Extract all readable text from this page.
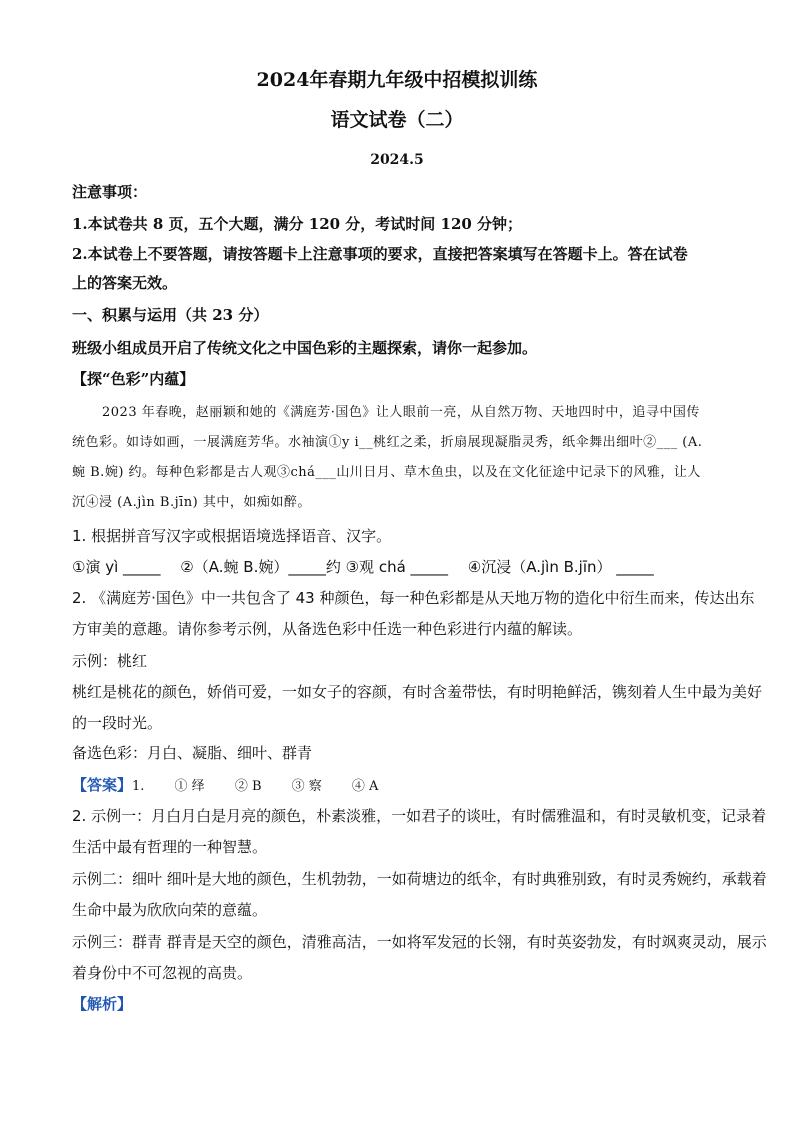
2024年春期九年级中招模拟训练
语文试卷（二）
2024.5
注意事项：
1.本试卷共 8 页，五个大题，满分 120 分，考试时间 120 分钟；
2.本试卷上不要答题，请按答题卡上注意事项的要求，直接把答案填写在答题卡上。答在试卷
上的答案无效。
一、积累与运用（共 23 分）
班级小组成员开启了传统文化之中国色彩的主题探索，请你一起参加。
【探“色彩”内蕴】
2023 年春晚，赵丽颖和她的《满庭芳·国色》让人眼前一亮，从自然万物、天地四时中，追寻中国传
统色彩。如诗如画，一展满庭芳华。水袖演①y i__桃红之柔，折扇展现凝脂灵秀，纸伞舞出细叶②___ (A.
蜿 B.婉) 约。每种色彩都是古人观③chá___山川日月、草木鱼虫，以及在文化征途中记录下的风雅，让人
沉④浸 (A.jìn B.jīn) 其中，如痴如醉。
1. 根据拼音写汉字或根据语境选择语音、汉字。
①演 yì _____ 　②（A.蜿 B.婉）_____约 ③观 chá _____ 　④沉浸（A.jìn B.jīn） _____
2. 《满庭芳·国色》中一共包含了 43 种颜色，每一种色彩都是从天地万物的造化中衍生而来，传达出东
方审美的意趣。请你参考示例，从备选色彩中任选一种色彩进行内蕴的解读。
示例：桃红
桃红是桃花的颜色，娇俏可爱，一如女子的容颜，有时含羞带怯，有时明艳鲜活，镌刻着人生中最为美好
的一段时光。
备选色彩：月白、凝脂、细叶、群青
【答案】1.　　 ① 绎　　 ② B　　 ③ 察　　 ④ A
2. 示例一：月白月白是月亮的颜色，朴素淡雅，一如君子的谈吐，有时儒雅温和，有时灵敏机变，记录着
生活中最有哲理的一种智慧。
示例二：细叶 细叶是大地的颜色，生机勃勃，一如荷塘边的纸伞，有时典雅别致，有时灵秀婉约，承载着
生命中最为欣欣向荣的意蕴。
示例三：群青 群青是天空的颜色，清雅高洁，一如将军发冠的长翎，有时英姿勃发，有时飒爽灵动，展示
着身份中不可忽视的高贵。
【解析】
